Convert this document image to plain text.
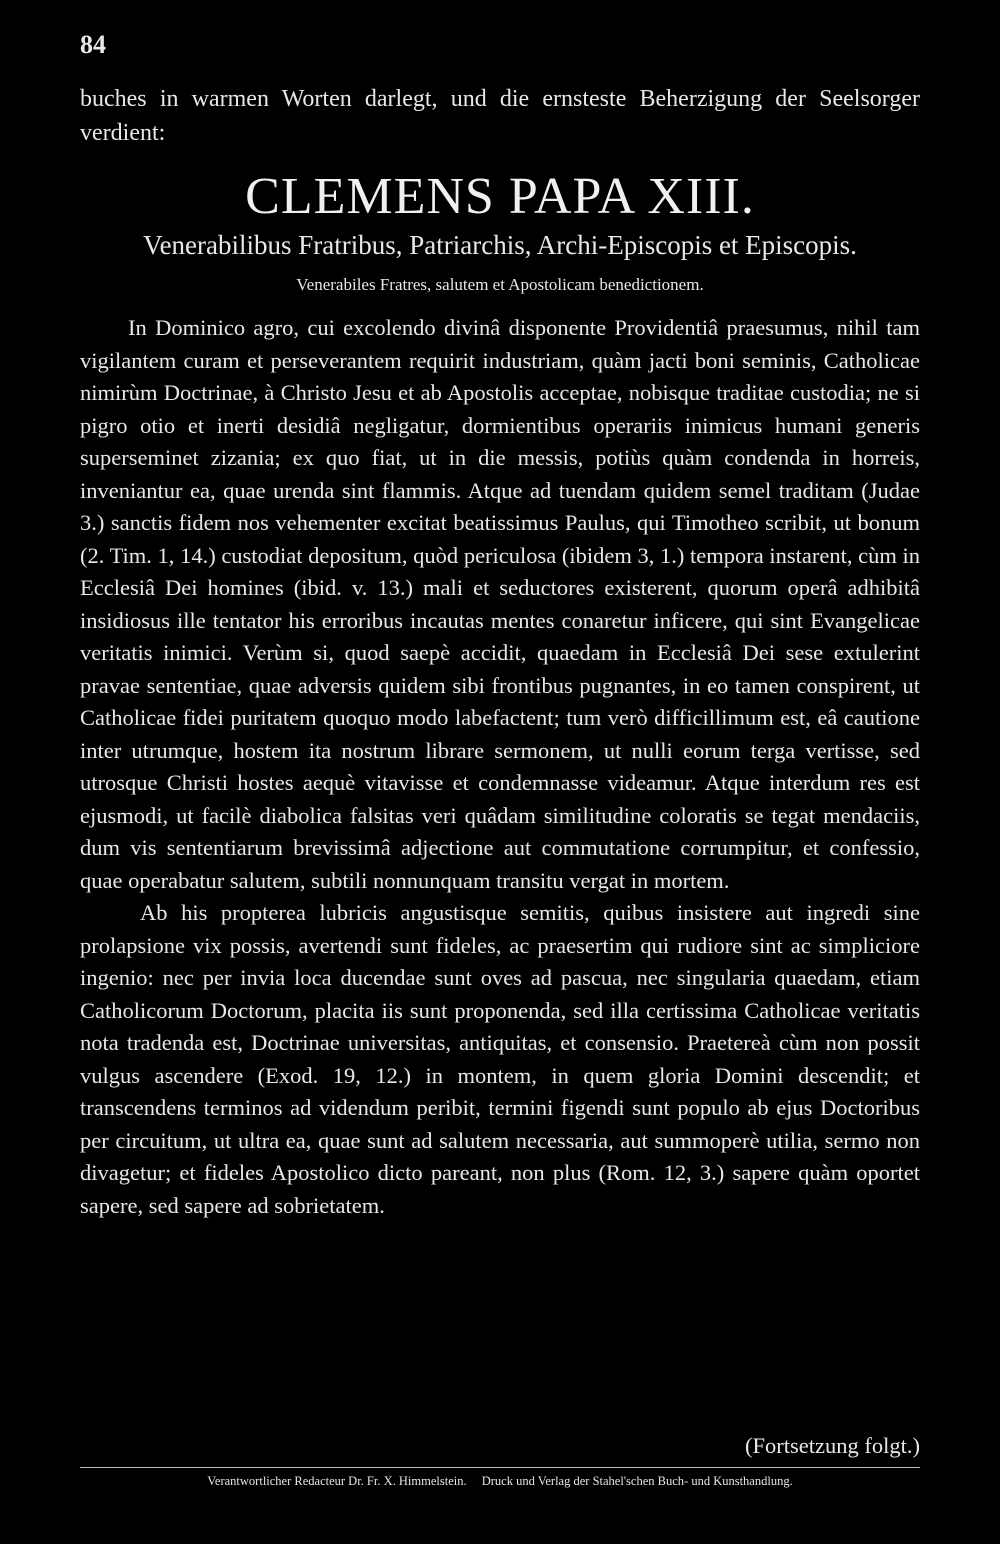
84
buches in warmen Worten darlegt, und die ernsteste Beherzigung der Seelsorger verdient:
CLEMENS PAPA XIII.
Venerabilibus Fratribus, Patriarchis, Archi-Episcopis et Episcopis.
Venerabiles Fratres, salutem et Apostolicam benedictionem.

In Dominico agro, cui excolendo divinâ disponente Providentiâ praesumus, nihil tam vigilantem curam et perseverantem requirit industriam, quàm jacti boni seminis, Catholicae nimirùm Doctrinae, à Christo Jesu et ab Apostolis acceptae, nobisque traditae custodia; ne si pigro otio et inerti desidiâ negligatur, dormientibus operariis inimicus humani generis superseminet zizania; ex quo fiat, ut in die messis, potiùs quàm condenda in horreis, inveniantur ea, quae urenda sint flammis. Atque ad tuendam quidem semel traditam (Judae 3.) sanctis fidem nos vehementer excitat beatissimus Paulus, qui Timotheo scribit, ut bonum (2. Tim. 1, 14.) custodiat depositum, quòd periculosa (ibidem 3, 1.) tempora instarent, cùm in Ecclesiâ Dei homines (ibid. v. 13.) mali et seductores existerent, quorum operâ adhibitâ insidiosus ille tentator his erroribus incautas mentes conaretur inficere, qui sint Evangelicae veritatis inimici. Verùm si, quod saepè accidit, quaedam in Ecclesiâ Dei sese extulerint pravae sententiae, quae adversis quidem sibi frontibus pugnantes, in eo tamen conspirent, ut Catholicae fidei puritatem quoquo modo labefactent; tum verò difficillimum est, eâ cautione inter utrumque, hostem ita nostrum librare sermonem, ut nulli eorum terga vertisse, sed utrosque Christi hostes aequè vitavisse et condemnasse videamur. Atque interdum res est ejusmodi, ut facilè diabolica falsitas veri quâdam similitudine coloratis se tegat mendaciis, dum vis sententiarum brevissimâ adjectione aut commutatione corrumpitur, et confessio, quae operabatur salutem, subtili nonnunquam transitu vergat in mortem.

Ab his propterea lubricis angustisque semitis, quibus insistere aut ingredi sine prolapsione vix possis, avertendi sunt fideles, ac praesertim qui rudiore sint ac simpliciore ingenio: nec per invia loca ducendae sunt oves ad pascua, nec singularia quaedam, etiam Catholicorum Doctorum, placita iis sunt proponenda, sed illa certissima Catholicae veritatis nota tradenda est, Doctrinae universitas, antiquitas, et consensio. Praetereà cùm non possit vulgus ascendere (Exod. 19, 12.) in montem, in quem gloria Domini descendit; et transcendens terminos ad videndum peribit, termini figendi sunt populo ab ejus Doctoribus per circuitum, ut ultra ea, quae sunt ad salutem necessaria, aut summoperè utilia, sermo non divagetur; et fideles Apostolico dicto pareant, non plus (Rom. 12, 3.) sapere quàm oportet sapere, sed sapere ad sobrietatem.

(Fortsetzung folgt.)
Verantwortlicher Redacteur Dr. Fr. X. Himmelstein. Druck und Verlag der Stahel'schen Buch- und Kunsthandlung.
